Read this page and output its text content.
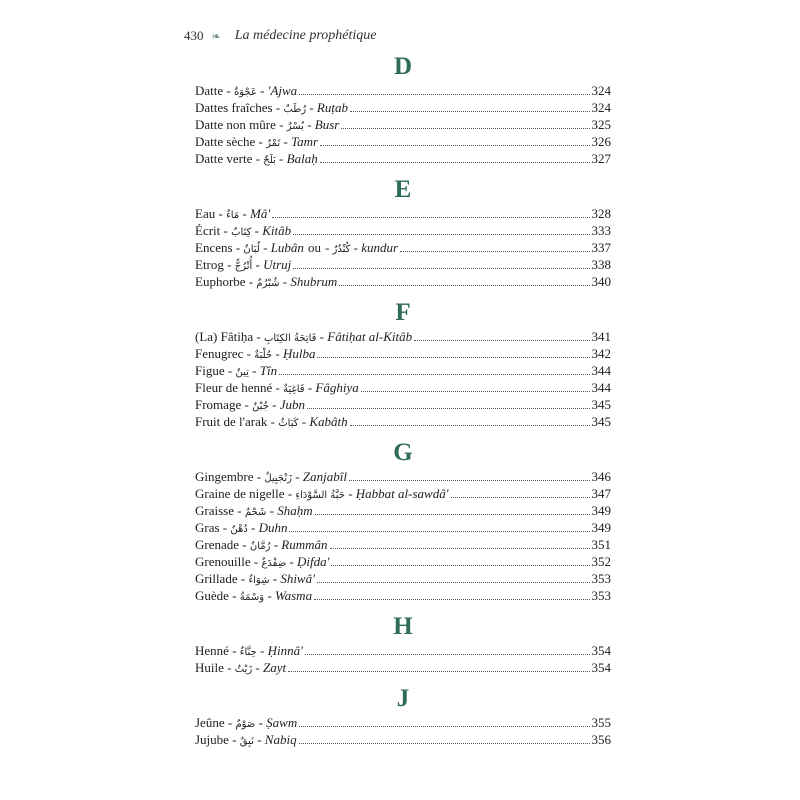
430 ❧ La médecine prophétique
D
Datte - عَجْوَةٌ - 'Ajwa	324
Dattes fraîches - رُطَبٌ - Ruṭab	324
Datte non mûre - بُسْرٌ - Busr	325
Datte sèche - تَمْرٌ - Tamr	326
Datte verte - بَلَحٌ - Balaḥ	327
E
Eau - مَاءٌ - Mâ'	328
Écrit - كِتَابٌ - Kitâb	333
Encens - لُبَانٌ - Lubân ou - كُنْدُرٌ - kundur	337
Etrog - أُتْرُجٌّ - Utruj	338
Euphorbe - شُبْرُمٌ - Shubrum	340
F
(La) Fâtiḥa - فَاتِحَةُ الكِتَابِ - Fâtiḥat al-Kitâb	341
Fenugrec - حُلْبَةٌ - Ḥulba	342
Figue - تِينٌ - Tîn	344
Fleur de henné - فَاغِيَةٌ - Fâghiya	344
Fromage - جُبْنٌ - Jubn	345
Fruit de l'arak - كَبَاثٌ - Kabâth	345
G
Gingembre - زَنْجَبِيلٌ - Zanjabîl	346
Graine de nigelle - حَبَّةُ السَّوْدَاءِ - Ḥabbat al-sawdâ'	347
Graisse - شَحْمٌ - Shaḥm	349
Gras - دُهْنٌ - Duhn	349
Grenade - رُمَّانٌ - Rummân	351
Grenouille - ضِفْدَعٌ - Ḍifda'	352
Grillade - شِوَاءٌ - Shiwâ'	353
Guède - وَسْمَةٌ - Wasma	353
H
Henné - حِنَّاءٌ - Ḥinnâ'	354
Huile - زَيْتٌ - Zayt	354
J
Jeûne - صَوْمٌ - Ṣawm	355
Jujube - نَبِقٌ - Nabiq	356
